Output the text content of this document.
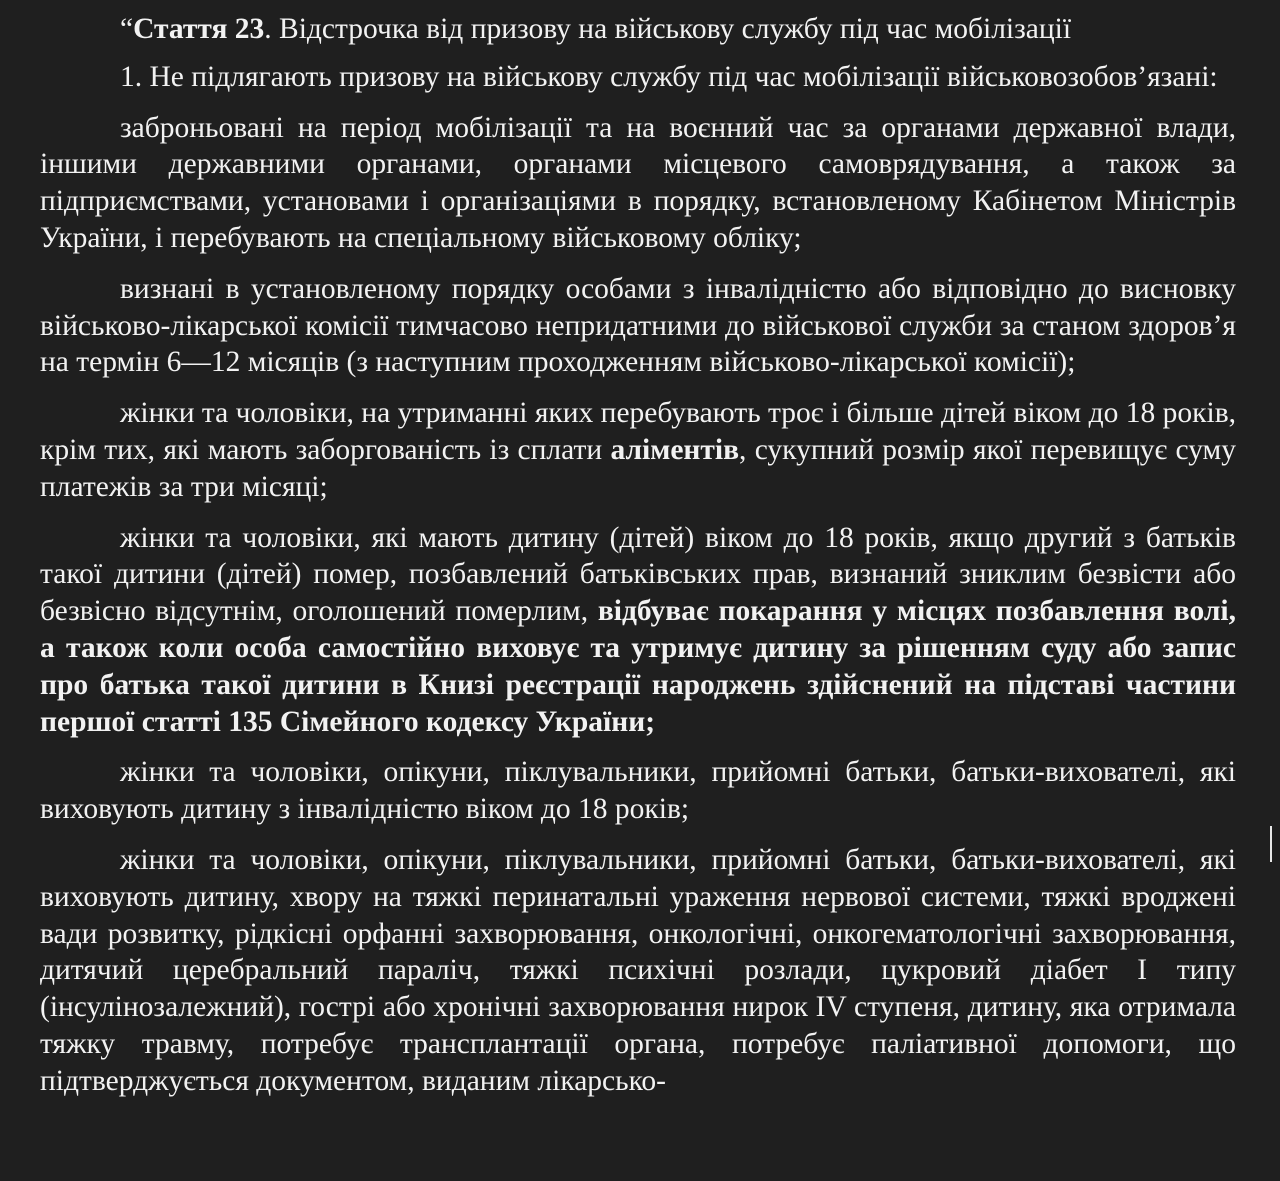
“Стаття 23. Відстрочка від призову на військову службу під час мобілізації

1. Не підлягають призову на військову службу під час мобілізації військовозобов’язані:

заброньовані на період мобілізації та на воєнний час за органами державної влади, іншими державними органами, органами місцевого самоврядування, а також за підприємствами, установами і організаціями в порядку, встановленому Кабінетом Міністрів України, і перебувають на спеціальному військовому обліку;

визнані в установленому порядку особами з інвалідністю або відповідно до висновку військово-лікарської комісії тимчасово непридатними до військової служби за станом здоров’я на термін 6—12 місяців (з наступним проходженням військово-лікарської комісії);

жінки та чоловіки, на утриманні яких перебувають троє і більше дітей віком до 18 років, крім тих, які мають заборгованість із сплати аліментів, сукупний розмір якої перевищує суму платежів за три місяці;

жінки та чоловіки, які мають дитину (дітей) віком до 18 років, якщо другий з батьків такої дитини (дітей) помер, позбавлений батьківських прав, визнаний зниклим безвісти або безвісно відсутнім, оголошений померлим, відбуває покарання у місцях позбавлення волі, а також коли особа самостійно виховує та утримує дитину за рішенням суду або запис про батька такої дитини в Книзі реєстрації народжень здійснений на підставі частини першої статті 135 Сімейного кодексу України;

жінки та чоловіки, опікуни, піклувальники, прийомні батьки, батьки-вихователі, які виховують дитину з інвалідністю віком до 18 років;

жінки та чоловіки, опікуни, піклувальники, прийомні батьки, батьки-вихователі, які виховують дитину, хвору на тяжкі перинатальні ураження нервової системи, тяжкі вроджені вади розвитку, рідкісні орфанні захворювання, онкологічні, онкогематологічні захворювання, дитячий церебральний параліч, тяжкі психічні розлади, цукровий діабет I типу (інсулінозалежний), гострі або хронічні захворювання нирок IV ступеня, дитину, яка отримала тяжку травму, потребує трансплантації органа, потребує паліативної допомоги, що підтверджується документом, виданим лікарсько-
